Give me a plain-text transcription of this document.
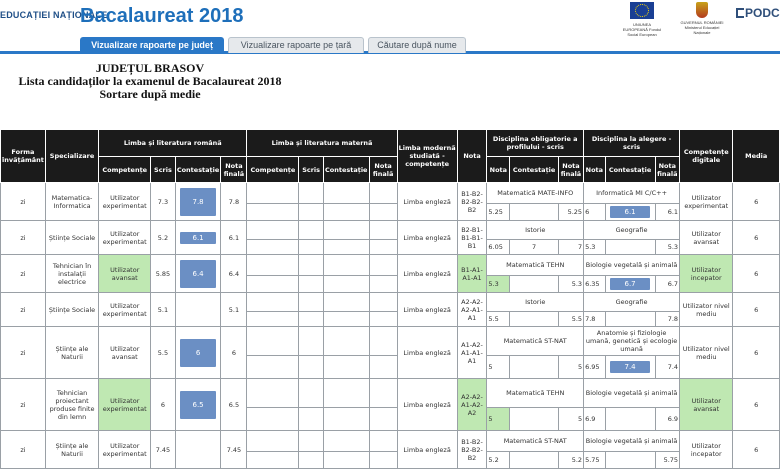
EDUCAȚIEI NAȚIONALE
Bacalaureat 2018	UNIUNEA EUROPEANĂ Fondul Social European
GUVERNUL ROMÂNIEI Ministerul Educației Naționale
PODC
Vizualizare rapoarte pe județ	Vizualizare rapoarte pe țară	Căutare după nume
JUDEȚUL BRASOV
Lista candidaților la examenul de Bacalaureat 2018
Sortare după medie
Forma învățământ	Specializare	Limba și literatura română				Limba și literatura maternă				Limba modernă studiată - competențe	Nota	Disciplina obligatorie a profilului - scris			Disciplina la alegere - scris			Competențe digitale	Media
		Competențe	Scris	Contestație	Nota finală	Competențe	Scris	Contestație	Nota finală			Nota	Contestație	Nota finală	Nota	Contestație	Nota finală		
zi	Matematica-Informatica	Utilizator experimentat	7.3	7.8	7.8					Limba engleză	B1-B2-B2-B2-B2	Matematică MATE-INFO			Informatică MI C/C++			Utilizator experimentat	6
												5.25		5.25	6	6.1	6.1		
zi	Științe Sociale	Utilizator experimentat	5.2	6.1	6.1					Limba engleză	B2-B1-B1-B1-B1	Istorie			Geografie			Utilizator avansat	6
												6.05	7	7	5.3		5.3		
zi	Tehnician în instalații electrice	Utilizator avansat	5.85	6.4	6.4					Limba engleză	B1-A1-A1-A1	Matematică TEHN			Biologie vegetală și animală			Utilizator incepator	6
												5.3		5.3	6.35	6.7	6.7		
zi	Științe Sociale	Utilizator experimentat	5.1		5.1					Limba engleză	A2-A2-A2-A1-A1	Istorie			Geografie			Utilizator nivel mediu	6
												5.5		5.5	7.8		7.8		
zi	Științe ale Naturii	Utilizator avansat	5.5	6	6					Limba engleză	A1-A2-A1-A1-A1	Matematică ST-NAT			Anatomie și fiziologie umană, genetică și ecologie umană			Utilizator nivel mediu	6
												5		5	6.95	7.4	7.4		
zi	Tehnician proiectant produse finite din lemn	Utilizator experimentat	6	6.5	6.5					Limba engleză	A2-A2-A1-A2-A2	Matematică TEHN			Biologie vegetală și animală			Utilizator avansat	6
												5		5	6.9		6.9		
zi	Științe ale Naturii	Utilizator experimentat	7.45		7.45					Limba engleză	B1-B2-B2-B2-B2	Matematică ST-NAT			Biologie vegetală și animală			Utilizator incepator	6
												5.2		5.2	5.75		5.75		
